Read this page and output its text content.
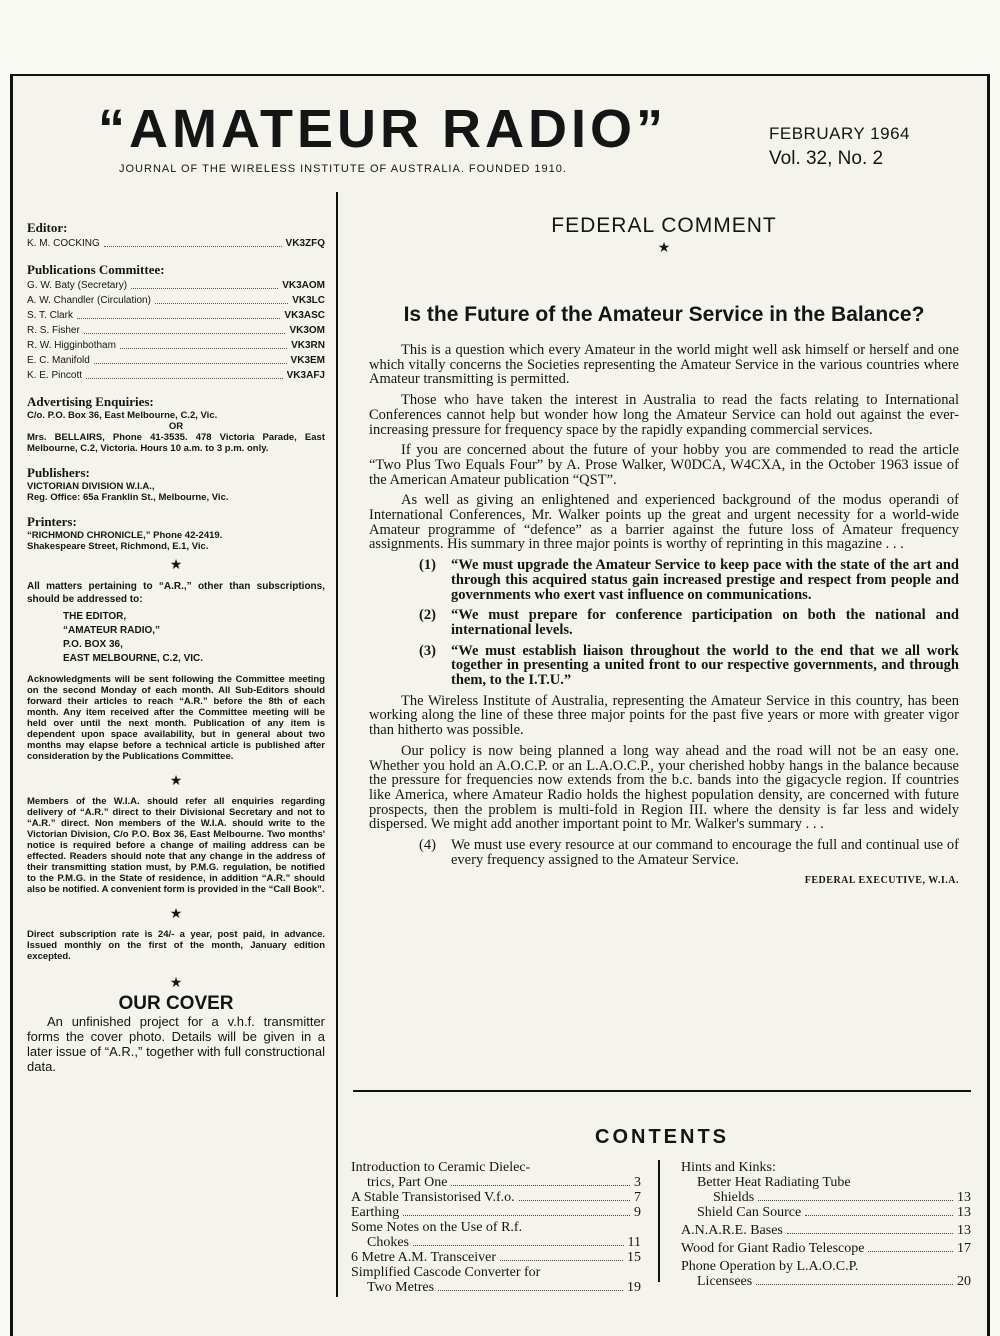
“AMATEUR RADIO”
JOURNAL OF THE WIRELESS INSTITUTE OF AUSTRALIA. FOUNDED 1910.
FEBRUARY 1964
Vol. 32, No. 2
Editor:
K. M. COCKING	VK3ZFQ
Publications Committee:
G. W. Baty (Secretary)	VK3AOM
A. W. Chandler (Circulation)	VK3LC
S. T. Clark	VK3ASC
R. S. Fisher	VK3OM
R. W. Higginbotham	VK3RN
E. C. Manifold	VK3EM
K. E. Pincott	VK3AFJ
Advertising Enquiries:
C/o. P.O. Box 36, East Melbourne, C.2, Vic.
OR
Mrs. BELLAIRS, Phone 41-3535. 478 Victoria Parade, East Melbourne, C.2, Victoria. Hours 10 a.m. to 3 p.m. only.
Publishers:
VICTORIAN DIVISION W.I.A.,
Reg. Office: 65a Franklin St., Melbourne, Vic.
Printers:
“RICHMOND CHRONICLE,” Phone 42-2419.
Shakespeare Street, Richmond, E.1, Vic.
★
All matters pertaining to “A.R.,” other than subscriptions, should be addressed to:
THE EDITOR,
“AMATEUR RADIO,”
P.O. BOX 36,
EAST MELBOURNE, C.2, VIC.
Acknowledgments will be sent following the Committee meeting on the second Monday of each month. All Sub-Editors should forward their articles to reach “A.R.” before the 8th of each month. Any item received after the Committee meeting will be held over until the next month. Publication of any item is dependent upon space availability, but in general about two months may elapse before a technical article is published after consideration by the Publications Committee.
★
Members of the W.I.A. should refer all enquiries regarding delivery of “A.R.” direct to their Divisional Secretary and not to “A.R.” direct. Non members of the W.I.A. should write to the Victorian Division, C/o P.O. Box 36, East Melbourne. Two months' notice is required before a change of mailing address can be effected. Readers should note that any change in the address of their transmitting station must, by P.M.G. regulation, be notified to the P.M.G. in the State of residence, in addition “A.R.” should also be notified. A convenient form is provided in the “Call Book”.
★
Direct subscription rate is 24/- a year, post paid, in advance. Issued monthly on the first of the month, January edition excepted.
★
OUR COVER
An unfinished project for a v.h.f. transmitter forms the cover photo. Details will be given in a later issue of “A.R.,” together with full constructional data.
FEDERAL COMMENT
★
Is the Future of the Amateur Service in the Balance?

This is a question which every Amateur in the world might well ask himself or herself and one which vitally concerns the Societies representing the Amateur Service in the various countries where Amateur transmitting is permitted.

Those who have taken the interest in Australia to read the facts relating to International Conferences cannot help but wonder how long the Amateur Service can hold out against the ever-increasing pressure for frequency space by the rapidly expanding commercial services.

If you are concerned about the future of your hobby you are commended to read the article “Two Plus Two Equals Four” by A. Prose Walker, W0DCA, W4CXA, in the October 1963 issue of the American Amateur publication “QST”.

As well as giving an enlightened and experienced background of the modus operandi of International Conferences, Mr. Walker points up the great and urgent necessity for a world-wide Amateur programme of “defence” as a barrier against the future loss of Amateur frequency assignments. His summary in three major points is worthy of reprinting in this magazine . . .

(1)	“We must upgrade the Amateur Service to keep pace with the state of the art and through this acquired status gain increased prestige and respect from people and governments who exert vast influence on communications.
(2)	“We must prepare for conference participation on both the national and international levels.
(3)	“We must establish liaison throughout the world to the end that we all work together in presenting a united front to our respective governments, and through them, to the I.T.U.”

The Wireless Institute of Australia, representing the Amateur Service in this country, has been working along the line of these three major points for the past five years or more with greater vigor than hitherto was possible.

Our policy is now being planned a long way ahead and the road will not be an easy one. Whether you hold an A.O.C.P. or an L.A.O.C.P., your cherished hobby hangs in the balance because the pressure for frequencies now extends from the b.c. bands into the gigacycle region. If countries like America, where Amateur Radio holds the highest population density, are concerned with future prospects, then the problem is multi-fold in Region III. where the density is far less and widely dispersed. We might add another important point to Mr. Walker's summary . . .

(4)	We must use every resource at our command to encourage the full and continual use of every frequency assigned to the Amateur Service.
FEDERAL EXECUTIVE, W.I.A.
CONTENTS
Introduction to Ceramic Dielec-
trics, Part One	3
A Stable Transistorised V.f.o.	7
Earthing	9
Some Notes on the Use of R.f.
Chokes	11
6 Metre A.M. Transceiver	15
Simplified Cascode Converter for
Two Metres	19
Hints and Kinks:
Better Heat Radiating Tube
Shields	13
Shield Can Source	13
A.N.A.R.E. Bases	13
Wood for Giant Radio Telescope	17
Phone Operation by L.A.O.C.P.
Licensees	20
